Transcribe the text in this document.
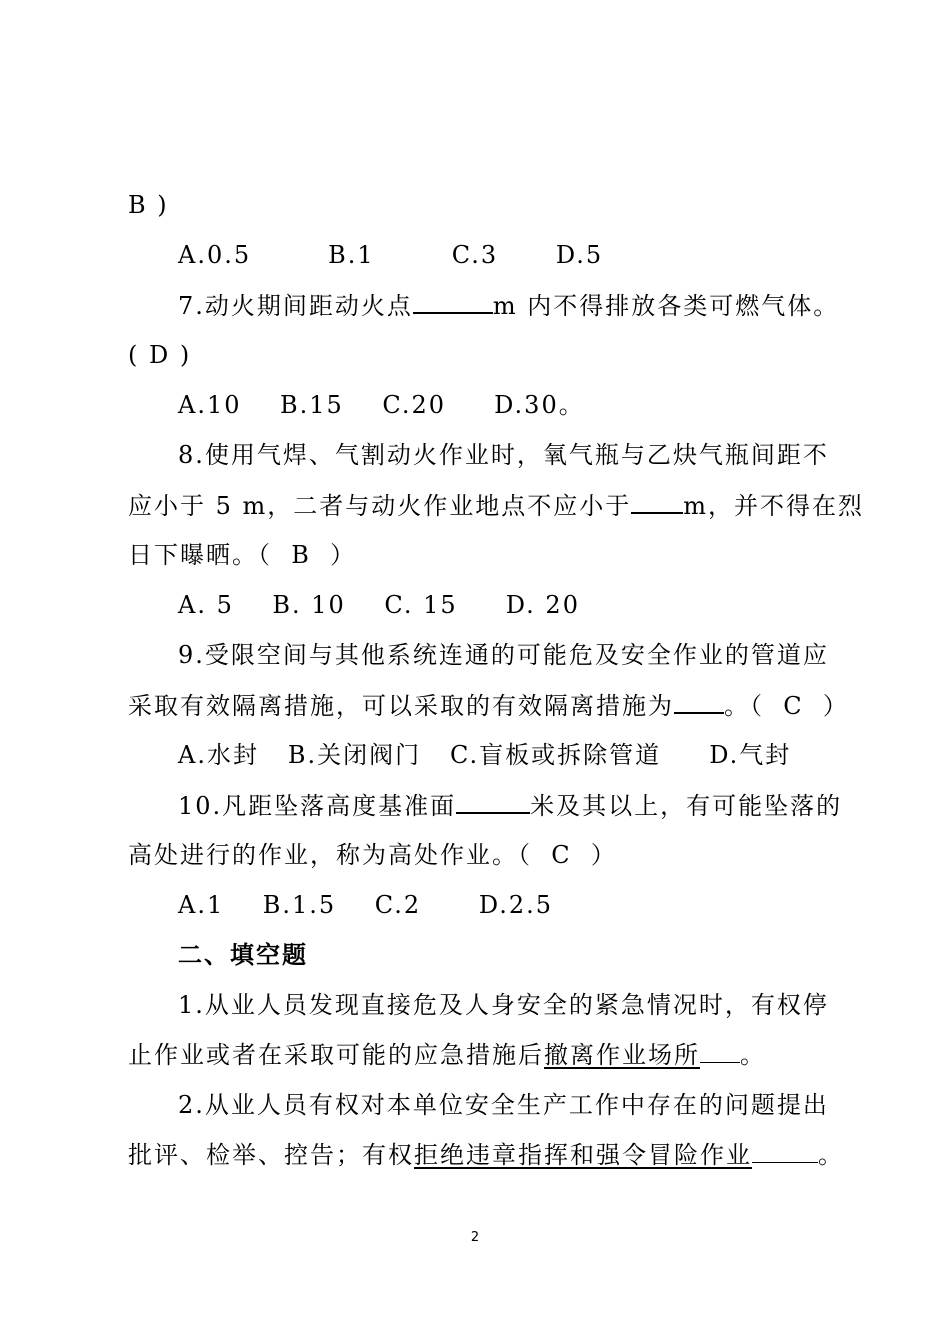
B )
A.0.5        B.1        C.3      D.5
7.动火期间距动火点	m 内不得排放各类可燃气体。
( D )
A.10    B.15    C.20     D.30。
8.使用气焊、气割动火作业时，氧气瓶与乙炔气瓶间距不
应小于 5 m，二者与动火作业地点不应小于 m，并不得在烈
日下曝晒。（  B  ）
A. 5    B. 10    C. 15     D. 20
9.受限空间与其他系统连通的可能危及安全作业的管道应
采取有效隔离措施，可以采取的有效隔离措施为 。（  C  ）
A.水封   B.关闭阀门   C.盲板或拆除管道     D.气封
10.凡距坠落高度基准面	米及其以上，有可能坠落的
高处进行的作业，称为高处作业。（  C  ）
A.1    B.1.5    C.2      D.2.5
二、填空题
1.从业人员发现直接危及人身安全的紧急情况时，有权停
止作业或者在采取可能的应急措施后撤离作业场所 。
2.从业人员有权对本单位安全生产工作中存在的问题提出
批评、检举、控告；有权拒绝违章指挥和强令冒险作业	。
2
